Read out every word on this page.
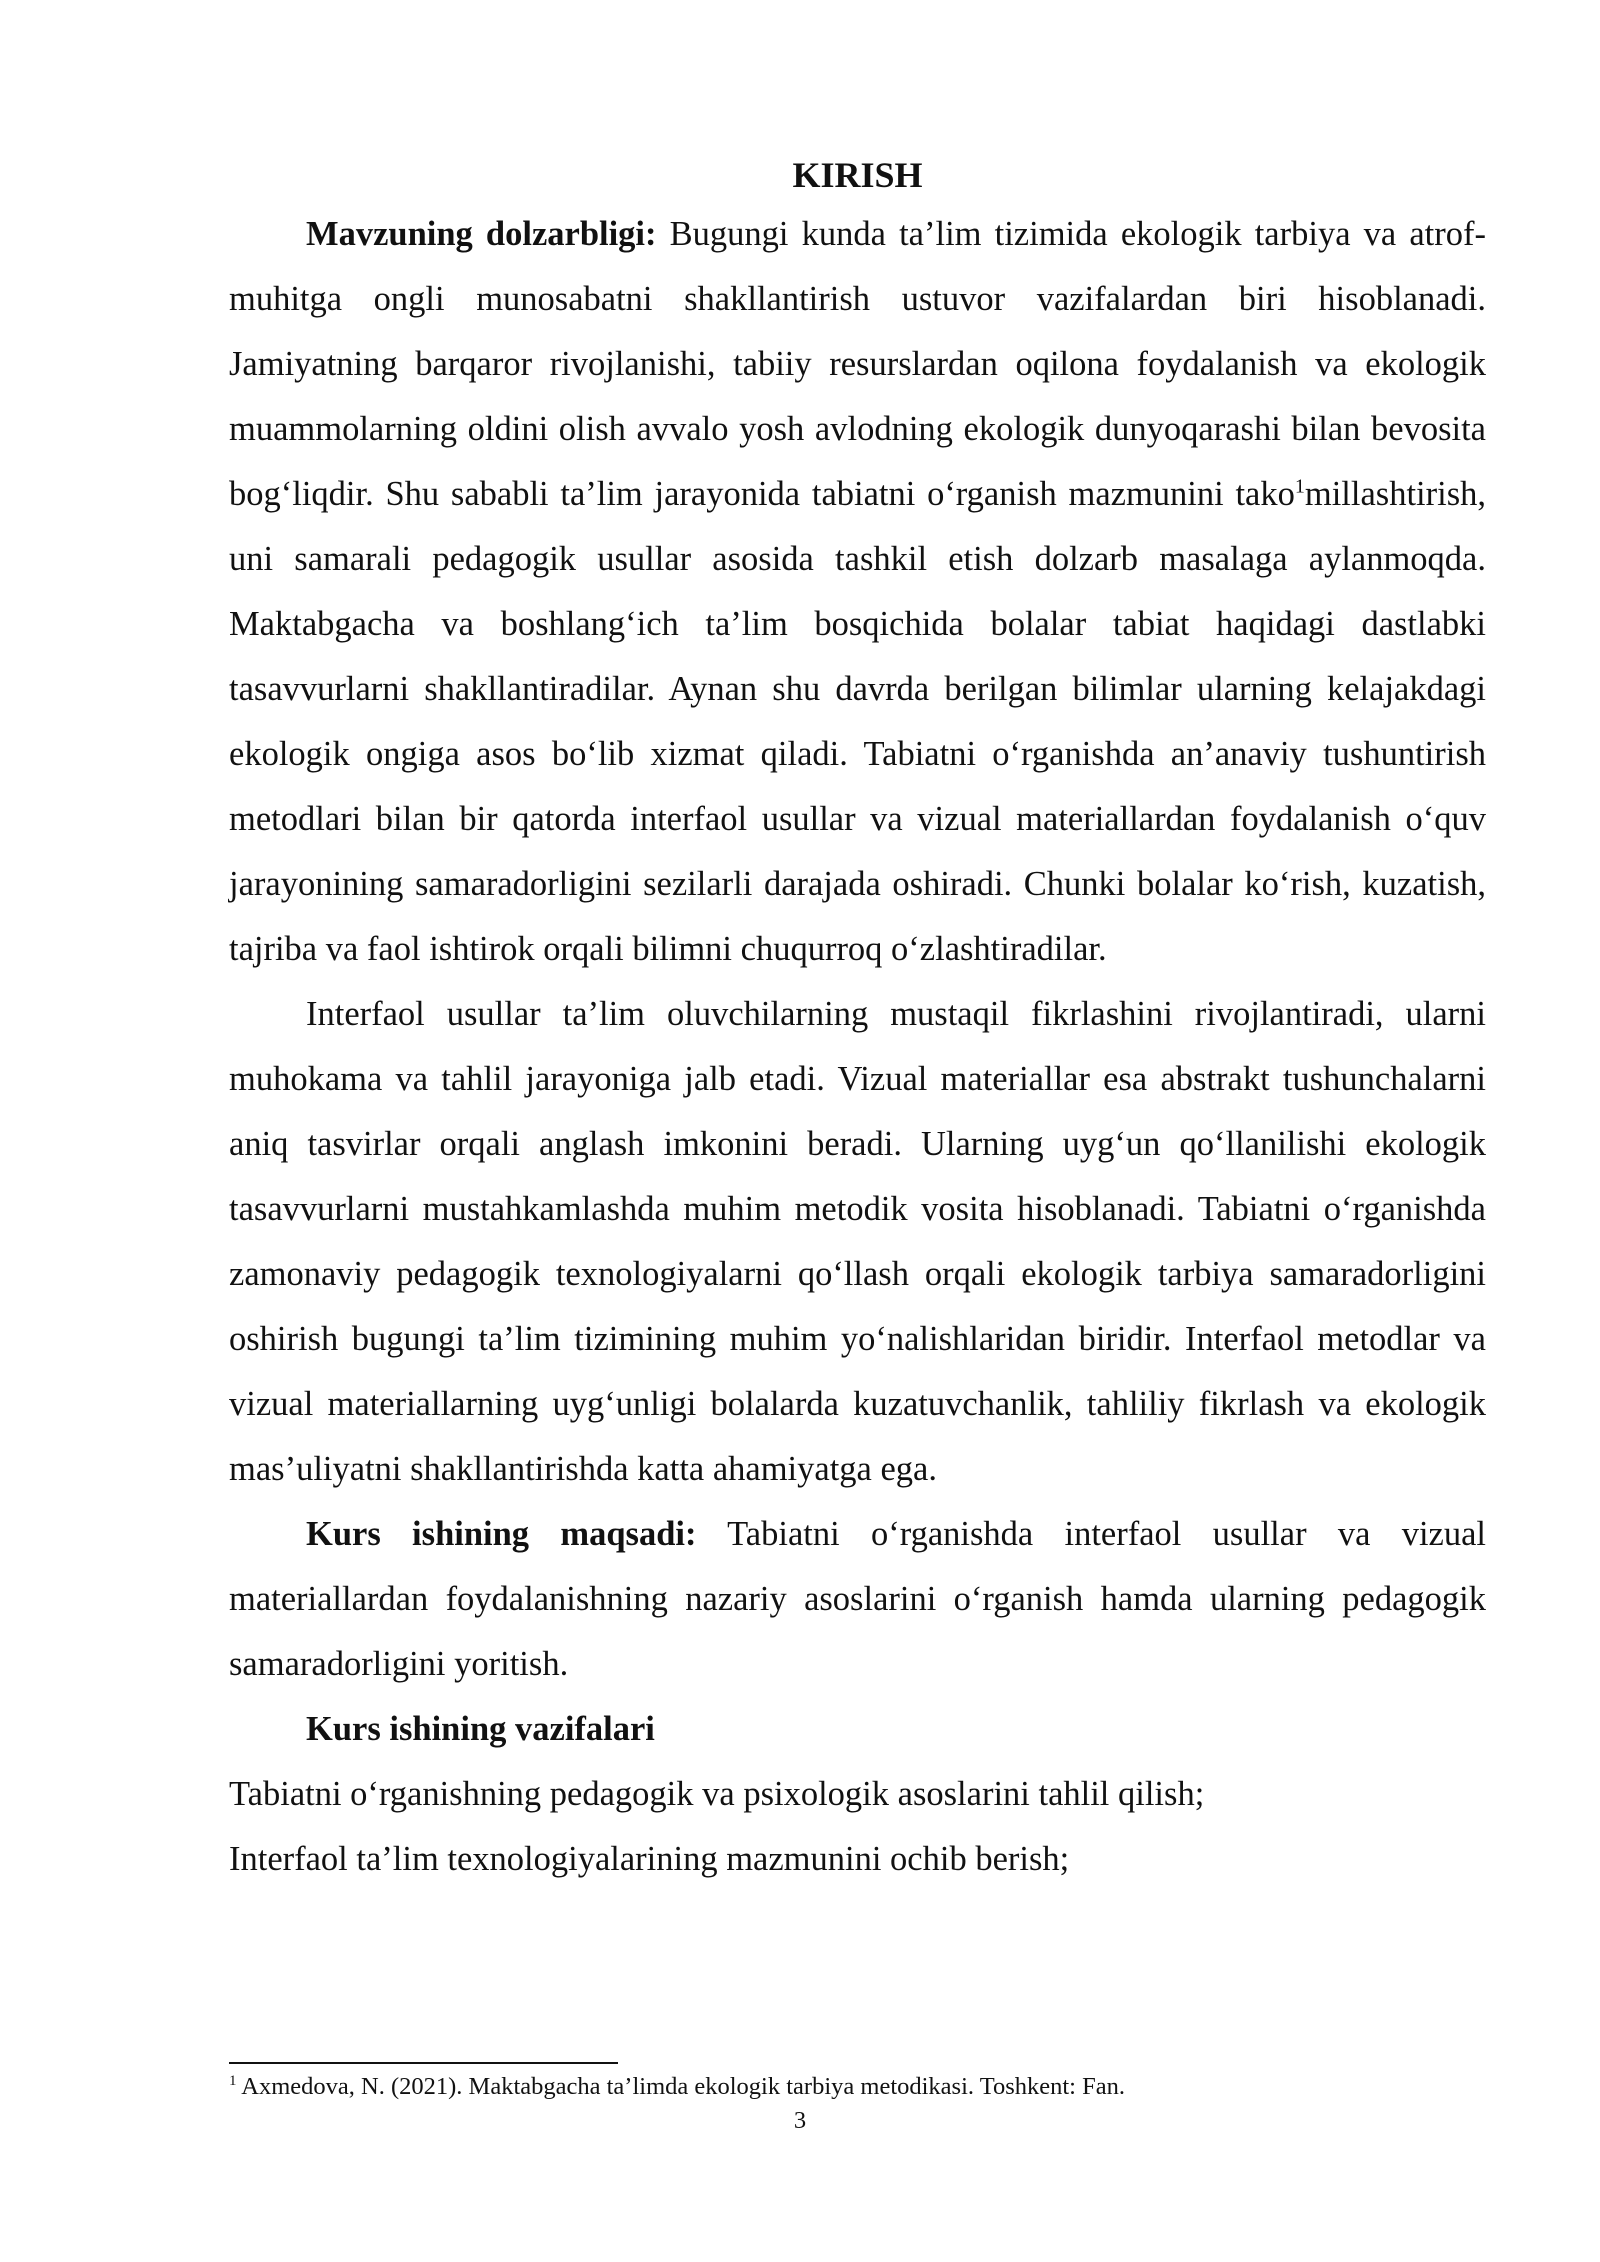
KIRISH

Mavzuning dolzarbligi: Bugungi kunda ta’lim tizimida ekologik tarbiya va atrof-muhitga ongli munosabatni shakllantirish ustuvor vazifalardan biri hisoblanadi. Jamiyatning barqaror rivojlanishi, tabiiy resurslardan oqilona foydalanish va ekologik muammolarning oldini olish avvalo yosh avlodning ekologik dunyoqarashi bilan bevosita bog‘liqdir. Shu sababli ta’lim jarayonida tabiatni o‘rganish mazmunini tako$^1$millashtirish, uni samarali pedagogik usullar asosida tashkil etish dolzarb masalaga aylanmoqda. Maktabgacha va boshlang‘ich ta’lim bosqichida bolalar tabiat haqidagi dastlabki tasavvurlarni shakllantiradilar. Aynan shu davrda berilgan bilimlar ularning kelajakdagi ekologik ongiga asos bo‘lib xizmat qiladi. Tabiatni o‘rganishda an’anaviy tushuntirish metodlari bilan bir qatorda interfaol usullar va vizual materiallardan foydalanish o‘quv jarayonining samaradorligini sezilarli darajada oshiradi. Chunki bolalar ko‘rish, kuzatish, tajriba va faol ishtirok orqali bilimni chuqurroq o‘zlashtiradilar.

Interfaol usullar ta’lim oluvchilarning mustaqil fikrlashini rivojlantiradi, ularni muhokama va tahlil jarayoniga jalb etadi. Vizual materiallar esa abstrakt tushunchalarni aniq tasvirlar orqali anglash imkonini beradi. Ularning uyg‘un qo‘llanilishi ekologik tasavvurlarni mustahkamlashda muhim metodik vosita hisoblanadi. Tabiatni o‘rganishda zamonaviy pedagogik texnologiyalarni qo‘llash orqali ekologik tarbiya samaradorligini oshirish bugungi ta’lim tizimining muhim yo‘nalishlaridan biridir. Interfaol metodlar va vizual materiallarning uyg‘unligi bolalarda kuzatuvchanlik, tahliliy fikrlash va ekologik mas’uliyatni shakllantirishda katta ahamiyatga ega.

Kurs ishining maqsadi: Tabiatni o‘rganishda interfaol usullar va vizual materiallardan foydalanishning nazariy asoslarini o‘rganish hamda ularning pedagogik samaradorligini yoritish.

Kurs ishining vazifalari

Tabiatni o‘rganishning pedagogik va psixologik asoslarini tahlil qilish;

Interfaol ta’lim texnologiyalarining mazmunini ochib berish;

$^1$ Axmedova, N. (2021). Maktabgacha ta’limda ekologik tarbiya metodikasi. Toshkent: Fan.
3
